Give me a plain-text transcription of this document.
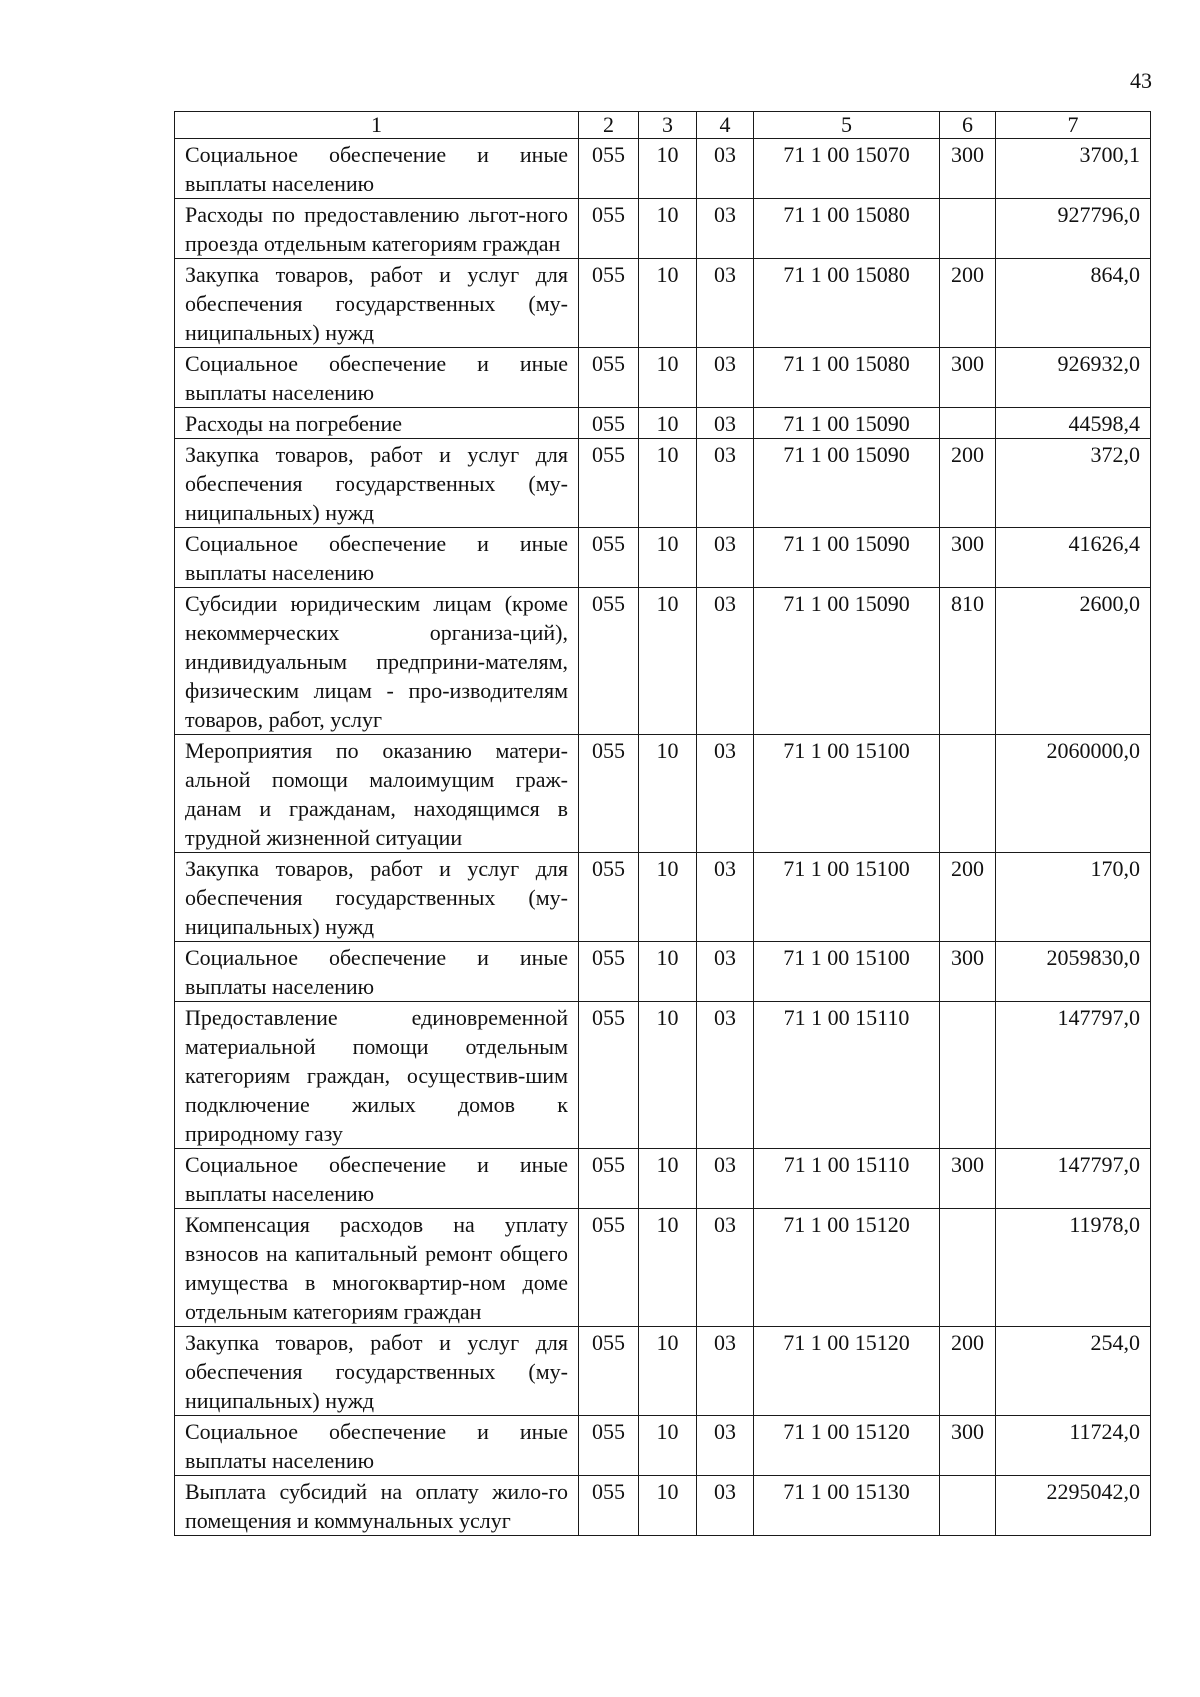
43
1	2	3	4	5	6	7
Социальное обеспечение и иные выплаты населению	055	10	03	71 1 00 15070	300	3700,1
Расходы по предоставлению льгот-ного проезда отдельным категориям граждан	055	10	03	71 1 00 15080		927796,0
Закупка товаров, работ и услуг для обеспечения государственных (му-ниципальных) нужд	055	10	03	71 1 00 15080	200	864,0
Социальное обеспечение и иные выплаты населению	055	10	03	71 1 00 15080	300	926932,0
Расходы на погребение	055	10	03	71 1 00 15090		44598,4
Закупка товаров, работ и услуг для обеспечения государственных (му-ниципальных) нужд	055	10	03	71 1 00 15090	200	372,0
Социальное обеспечение и иные выплаты населению	055	10	03	71 1 00 15090	300	41626,4
Субсидии юридическим лицам (кроме некоммерческих организа-ций), индивидуальным предприни-мателям, физическим лицам - про-изводителям товаров, работ, услуг	055	10	03	71 1 00 15090	810	2600,0
Мероприятия по оказанию матери-альной помощи малоимущим граж-данам и гражданам, находящимся в трудной жизненной ситуации	055	10	03	71 1 00 15100		2060000,0
Закупка товаров, работ и услуг для обеспечения государственных (му-ниципальных) нужд	055	10	03	71 1 00 15100	200	170,0
Социальное обеспечение и иные выплаты населению	055	10	03	71 1 00 15100	300	2059830,0
Предоставление единовременной материальной помощи отдельным категориям граждан, осуществив-шим подключение жилых домов к природному газу	055	10	03	71 1 00 15110		147797,0
Социальное обеспечение и иные выплаты населению	055	10	03	71 1 00 15110	300	147797,0
Компенсация расходов на уплату взносов на капитальный ремонт общего имущества в многоквартир-ном доме отдельным категориям граждан	055	10	03	71 1 00 15120		11978,0
Закупка товаров, работ и услуг для обеспечения государственных (му-ниципальных) нужд	055	10	03	71 1 00 15120	200	254,0
Социальное обеспечение и иные выплаты населению	055	10	03	71 1 00 15120	300	11724,0
Выплата субсидий на оплату жило-го помещения и коммунальных услуг	055	10	03	71 1 00 15130		2295042,0
